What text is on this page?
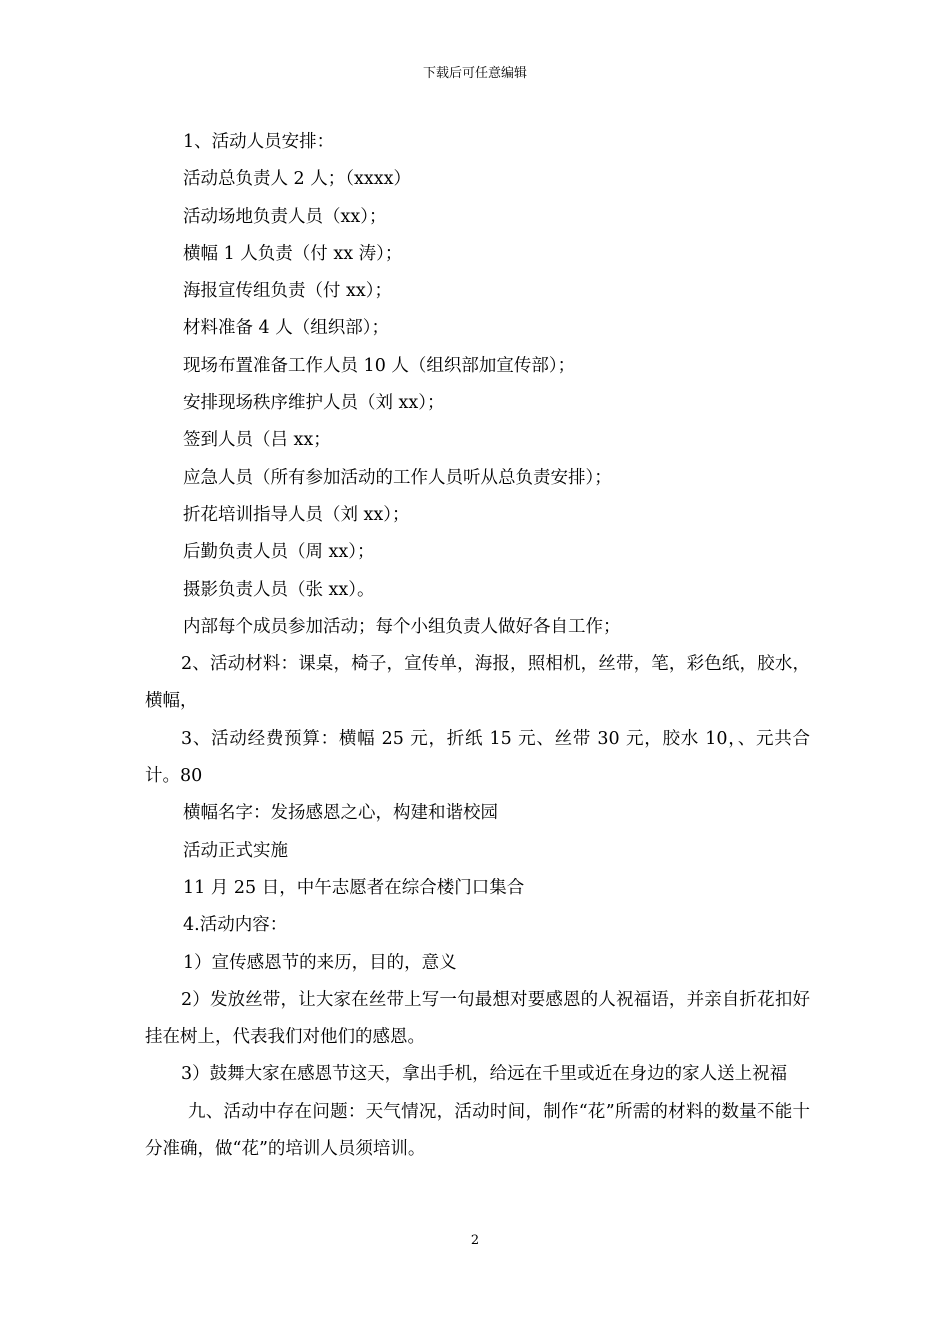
下载后可任意编辑

1、活动人员安排：

活动总负责人 2 人；（xxxx）

活动场地负责人员（xx）；

横幅 1 人负责（付 xx 涛）；

海报宣传组负责（付 xx）；

材料准备 4 人（组织部）；

现场布置准备工作人员 10 人（组织部加宣传部）；

安排现场秩序维护人员（刘 xx）；

签到人员（吕 xx；

应急人员（所有参加活动的工作人员听从总负责安排）；

折花培训指导人员（刘 xx）；

后勤负责人员（周 xx）；

摄影负责人员（张 xx）。

内部每个成员参加活动；每个小组负责人做好各自工作；

2、活动材料：课桌，椅子，宣传单，海报，照相机，丝带，笔，彩色纸，胶水，横幅，

3、活动经费预算：横幅 25 元，折纸 15 元、丝带 30 元，胶水 10，、元共合计。80

横幅名字：发扬感恩之心，构建和谐校园

活动正式实施

11 月 25 日，中午志愿者在综合楼门口集合

4.活动内容：

1）宣传感恩节的来历，目的，意义

2）发放丝带，让大家在丝带上写一句最想对要感恩的人祝福语，并亲自折花扣好挂在树上，代表我们对他们的感恩。

3）鼓舞大家在感恩节这天，拿出手机，给远在千里或近在身边的家人送上祝福

九、活动中存在问题：天气情况，活动时间，制作“花”所需的材料的数量不能十分准确，做“花”的培训人员须培训。

2
